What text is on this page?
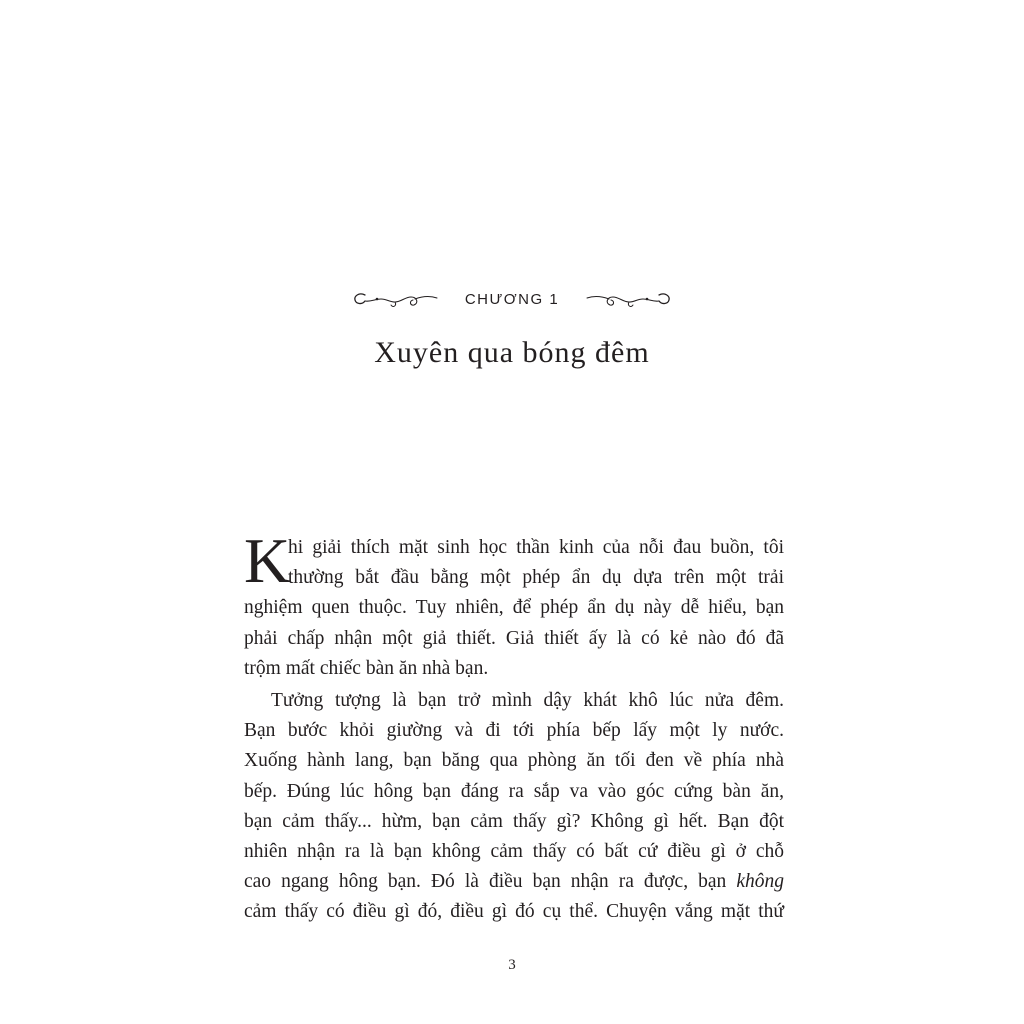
CHƯƠNG 1
Xuyên qua bóng đêm
K
hi giải thích mặt sinh học thần kinh của nỗi đau buồn, tôi
thường bắt đầu bằng một phép ẩn dụ dựa trên một trải
nghiệm quen thuộc. Tuy nhiên, để phép ẩn dụ này dễ hiểu, bạn
phải chấp nhận một giả thiết. Giả thiết ấy là có kẻ nào đó đã
trộm mất chiếc bàn ăn nhà bạn.
Tưởng tượng là bạn trở mình dậy khát khô lúc nửa đêm.
Bạn bước khỏi giường và đi tới phía bếp lấy một ly nước.
Xuống hành lang, bạn băng qua phòng ăn tối đen về phía nhà
bếp. Đúng lúc hông bạn đáng ra sắp va vào góc cứng bàn ăn,
bạn cảm thấy... hừm, bạn cảm thấy gì? Không gì hết. Bạn đột
nhiên nhận ra là bạn không cảm thấy có bất cứ điều gì ở chỗ
cao ngang hông bạn. Đó là điều bạn nhận ra được, bạn không
cảm thấy có điều gì đó, điều gì đó cụ thể. Chuyện vắng mặt thứ
3
